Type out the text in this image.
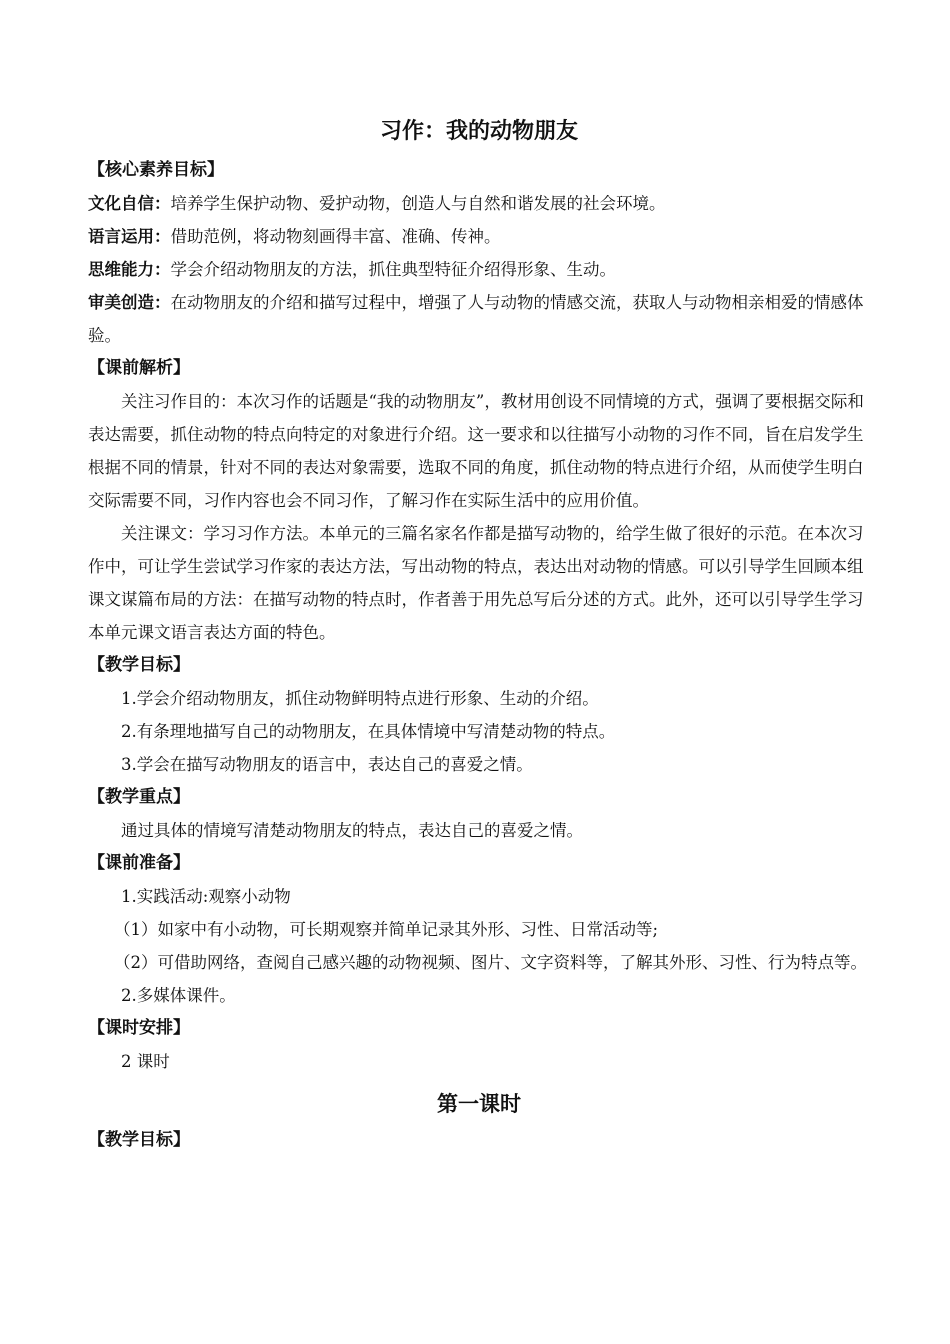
习作：我的动物朋友

【核心素养目标】

文化自信：培养学生保护动物、爱护动物，创造人与自然和谐发展的社会环境。

语言运用：借助范例，将动物刻画得丰富、准确、传神。

思维能力：学会介绍动物朋友的方法，抓住典型特征介绍得形象、生动。

审美创造：在动物朋友的介绍和描写过程中，增强了人与动物的情感交流，获取人与动物相亲相爱的情感体验。

【课前解析】

关注习作目的：本次习作的话题是“我的动物朋友”，教材用创设不同情境的方式，强调了要根据交际和表达需要，抓住动物的特点向特定的对象进行介绍。这一要求和以往描写小动物的习作不同，旨在启发学生根据不同的情景，针对不同的表达对象需要，选取不同的角度，抓住动物的特点进行介绍，从而使学生明白交际需要不同，习作内容也会不同习作，了解习作在实际生活中的应用价值。

关注课文：学习习作方法。本单元的三篇名家名作都是描写动物的，给学生做了很好的示范。在本次习作中，可让学生尝试学习作家的表达方法，写出动物的特点，表达出对动物的情感。可以引导学生回顾本组课文谋篇布局的方法：在描写动物的特点时，作者善于用先总写后分述的方式。此外，还可以引导学生学习本单元课文语言表达方面的特色。

【教学目标】

1.学会介绍动物朋友，抓住动物鲜明特点进行形象、生动的介绍。

2.有条理地描写自己的动物朋友，在具体情境中写清楚动物的特点。

3.学会在描写动物朋友的语言中，表达自己的喜爱之情。

【教学重点】

通过具体的情境写清楚动物朋友的特点，表达自己的喜爱之情。

【课前准备】

1.实践活动:观察小动物

（1）如家中有小动物，可长期观察并简单记录其外形、习性、日常活动等;

（2）可借助网络，查阅自己感兴趣的动物视频、图片、文字资料等，了解其外形、习性、行为特点等。

2.多媒体课件。

【课时安排】

2 课时

第一课时

【教学目标】
